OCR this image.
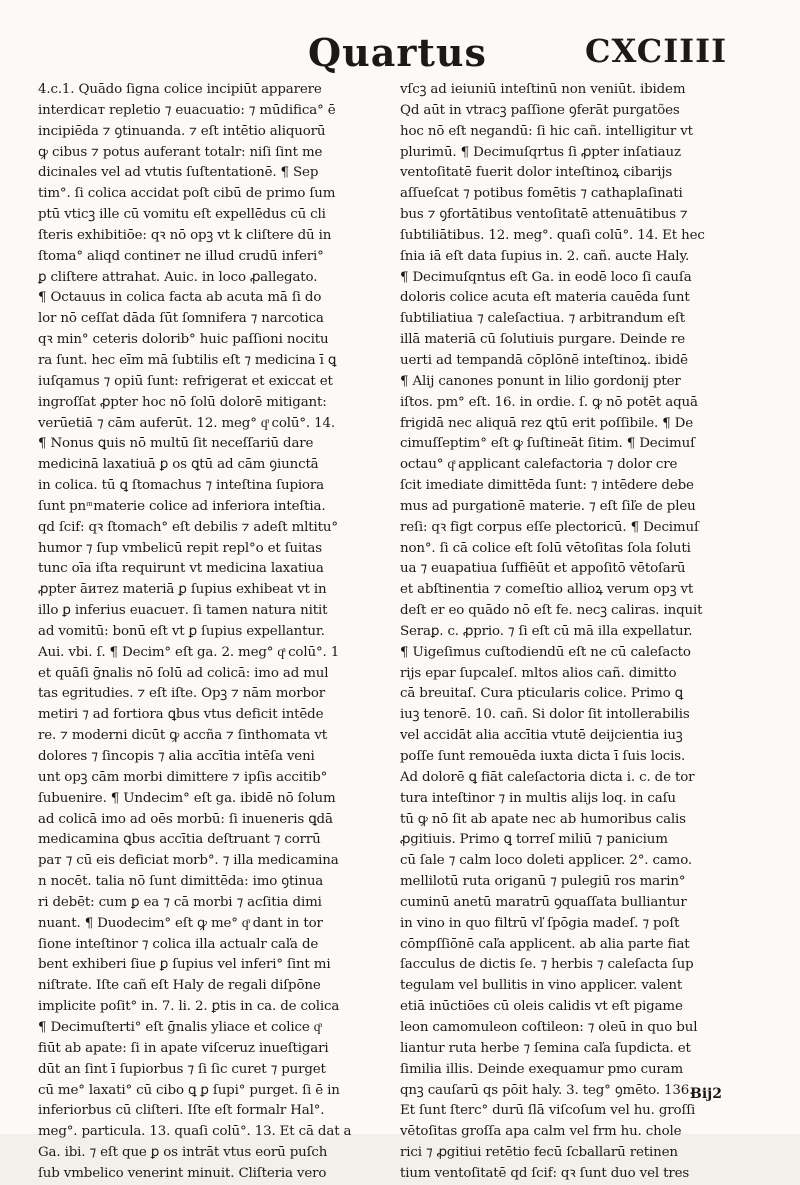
Quartus	CXCIIII
4.c.1. Quādo ſigna colice incipiūt apparere
interdicaт repletio ⁊ euacuatio: ⁊ mūdifica° ē
incipiēda ⁊ ꝯtinuanda. ⁊ eſt intētio aliquorū
ꝙ cibus ⁊ potus auferant totalr: niſi ſint me
dicinales vel ad vtutis ſuſtentationē. ¶ Sep
tim°. ſi colica accidat poſt cibū de primo ſum
ptū vticꝫ ille cū vomitu eſt expellēdus cū cli
ſteris exhibitiōe: qꝛ nō opꝫ vt k cliſtere dū in
ſtoma° aliqd contineт ne illud crudū inferi°
ꝑ cliſtere attrahat. Auic. in loco ꝓallegato.
¶ Octauus in colica facta ab acuta mā ſi do
lor nō ceſſat dāda ſūt ſomnifera ⁊ narcotica
qꝛ min° ceteris dolorib° huic paſſioni nocitu
ra ſunt. hec eīm mā ſubtilis eſt ⁊ medicina ī ꝗ
iuſqamus ⁊ opiū ſunt: refrigerat et exiccat et
ingroſſat ꝓpter hoc nō ſolū dolorē mitigant:
verūetiā ⁊ cām auferūt. 12. meg° qͣ colū°. 14.
¶ Nonus ꝗuis nō multū ſit neceſſariū dare
medicinā laxatiuā ꝑ os ꝗtū ad cām ꝯiunctā
in colica. tū ꝗ ſtomachus ⁊ inteſtina ſupiora
ſunt pn ͫ materie colice ad inferiora inteſtia.
qd ſcif: qꝛ ſtomach° eſt debilis ⁊ adeſt mltitu°
humor ⁊ ſup vmbelicū repit repl°o et ſuitas
tunc oīa iſta requirunt vt medicina laxatiua
ꝓpter āитez materiā ꝑ ſupius exhibeat vt in
illo ꝑ inferius euacueт. ſi tamen natura nitit
ad vomitū: bonū eſt vt ꝑ ſupius expellantur.
Aui. vbi. ſ. ¶ Decim° eſt ga. 2. meg° qͣ colū°. 1
et quāſi ḡnalis nō ſolū ad colicā: imo ad mul
tas egritudies. ⁊ eſt iſte. Opꝫ ⁊ nām morbor
metiri ⁊ ad fortiora ꝗbus vtus deficit intēde
re. ⁊ moderni dicūt ꝙ accña ⁊ ſinthomata vt
dolores ⁊ ſincopis ⁊ alia accītia intēſa veni
unt opꝫ cām morbi dimittere ⁊ ipſis accitib°
ſubuenire. ¶ Undecim° eſt ga. ibidē nō ſolum
ad colicā imo ad oēs morbū: ſi inueneris ꝗdā
medicamina ꝗbus accītia deſtruant ⁊ corrū
paт ⁊ cū eis deficiat morb°. ⁊ illa medicamina
n nocēt. talia nō ſunt dimittēda: imo ꝯtinua
ri debēt: cum ꝑ ea ⁊ cā morbi ⁊ acſitia dimi
nuant. ¶ Duodecim° eſt ꝙ me° qͣ dant in tor
ſione inteſtinor ⁊ colica illa actualr caľa de
bent exhiberi ſiue ꝑ ſupius vel inferi° ſint mi
niſtrate. Iſte cañ eſt Haly de regali diſpōne
implicite poſit° in. 7. li. 2. ꝑtis in ca. de colica
¶ Decimuſterti° eſt ḡnalis yliace et colice qͣ
fiūt ab apate: ſi in apate viſceruz inueſtigari
dūt an ſint ī ſupiorbus ⁊ ſi ſic curet ⁊ purget
cū me° laxati° cū cibo ꝗ ꝑ ſupi° purget. ſi ē in
inferiorbus cū cliſteri. Iſte eſt formalr Hal°.
meg°. particula. 13. quaſi colū°. 13. Et cā dat a
Ga. ibi. ⁊ eſt que ꝑ os intrāt vtus eorū puſch
ſub vmbelico venerint minuit. Cliſteria vero
vſcꝫ ad ieiuniū inteſtinū non veniūt. ibidem
Qd aūt in vtracꝫ paſſione ꝯferāt purgatões
hoc nō eſt negandū: ſi hic cañ. intelligitur vt
plurimū. ¶ Decimuſqrtus ſi ꝓpter inſatiauz
ventoſitatē fuerit dolor inteſtinoꝝ cibarijs
aſſueſcat ⁊ potibus fomētis ⁊ cathaplaſinati
bus ⁊ ꝯfortātibus ventoſitatē attenuātibus ⁊
ſubtiliātibus. 12. meg°. quaſi colū°. 14. Et hec
ſnia iā eſt data ſupius in. 2. cañ. aucte Haly.
¶ Decimuſqntus eſt Ga. in eodē loco ſi cauſa
doloris colice acuta eſt materia cauēda ſunt
ſubtiliatiua ⁊ caleſactiua. ⁊ arbitrandum eſt
illā materiā cū ſolutiuis purgare. Deinde re
uerti ad tempandā cōplōnē inteſtinoꝝ. ibidē
¶ Alij canones ponunt in lilio gordonij pter
iſtos. pm° eſt. 16. in ordie. ſ. ꝙ nō potēt aquā
frigidā nec aliquā rez ꝗtū erit poſſibile. ¶ De
cimuſſeptim° eſt ꝙ ſuſtineāt ſitim. ¶ Decimuſ
octau° qͣ applicant calefactoria ⁊ dolor cre
ſcit imediate dimittēda ſunt: ⁊ intēdere debe
mus ad purgationē materie. ⁊ eſt ſiľe de pleu
reſi: qꝛ figt corpus eſſe plectoricū. ¶ Decimuſ
non°. ſi cā colice eſt ſolū vētoſitas ſola ſoluti
ua ⁊ euapatiua ſuffiēūt et appoſitō vētoſarū
et abſtinentia ⁊ comeſtio allioꝝ verum opꝫ vt
deſt er eo quādo nō eſt fe. necꝫ caliras. inquit
Seraꝑ. c. ꝓprio. ⁊ ſi eſt cū mā illa expellatur.
¶ Uigeſimus cuſtodiendū eſt ne cū caleſacto
rijs epar ſupcaleſ. mltos alios cañ. dimitto
cā breuitaſ. Cura pticularis colice. Primo ꝗ
iuꝫ tenorē. 10. cañ. Si dolor ſit intollerabilis
vel accidāt alia accītia vtutē deijcientia iuꝫ
poſſe ſunt remouēda iuxta dicta ī ſuis locis.
Ad dolorē ꝗ fiāt caleſactoria dicta i. c. de tor
tura inteſtinor ⁊ in multis alijs loq. in caſu
tū ꝙ nō ſit ab apate nec ab humoribus calis
ꝓgitiuis. Primo ꝗ torreſ miliū ⁊ panicium
cū ſale ⁊ calm loco doleti applicer. 2°. camo.
mellilotū ruta origanū ⁊ pulegiū ros marin°
cuminū anetū maratrū ꝯquaſſata bulliantur
in vino in quo filtrū vľ ſpōgia madeſ. ⁊ poſt
cōmpſſiōnē caľa applicent. ab alia parte fiat
ſacculus de dictis ſe. ⁊ herbis ⁊ caleſacta ſup
tegulam vel bullitis in vino applicer. valent
etiā inūctiōes cū oleis calidis vt eſt pigame
leon camomuleon coſtileon: ⁊ oleū in quo bul
liantur ruta herbe ⁊ ſemina caľa ſupdicta. et
ſimilia illis. Deinde exequamur pmo curam
qnꝫ cauſarū qs pōit haly. 3. teg° ꝯmēto. 136.
Et ſunt ſterc° durū ſlā viſcoſum vel hu. groſſi
vētoſitas groſſa apa calm vel frm hu. chole
rici ⁊ ꝓgitiui retētio fecū ſcballarū retinen
tium ventoſitatē qd ſcif: qꝛ ſunt duo vel tres
Bij2
